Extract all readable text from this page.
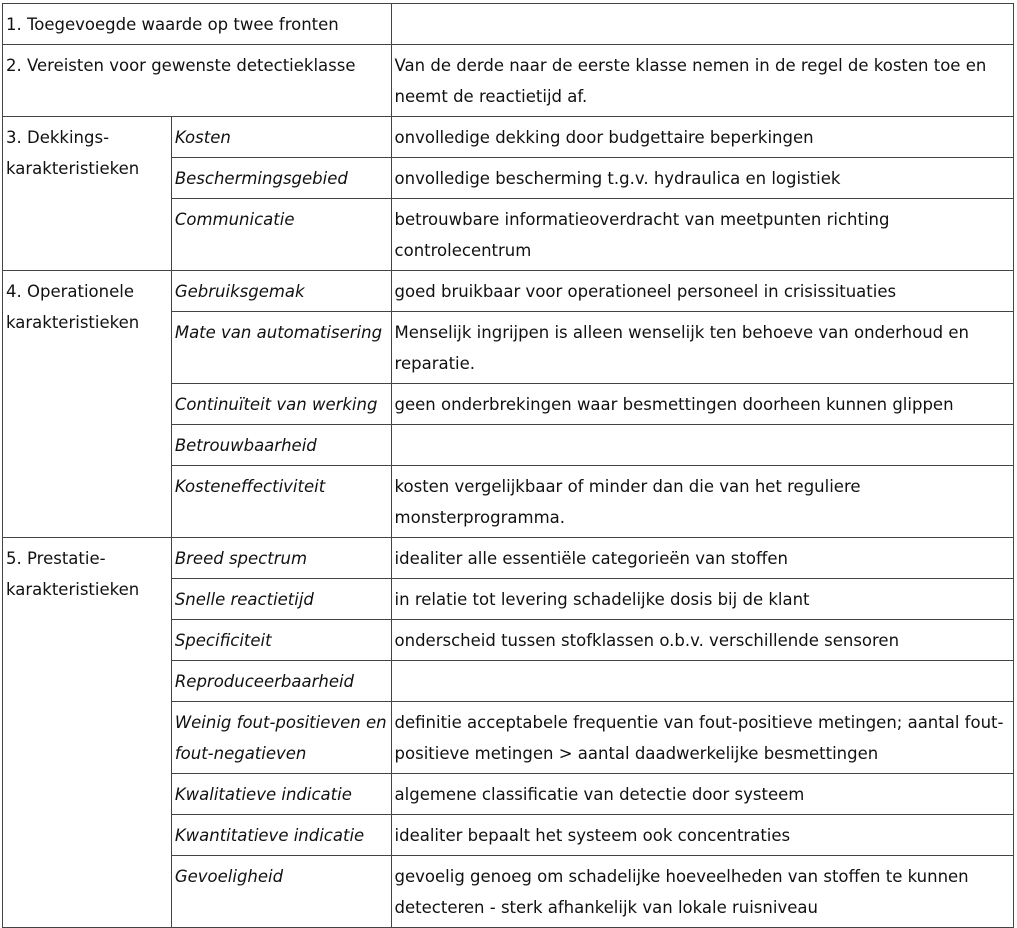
1. Toegevoegde waarde op twee fronten		
2. Vereisten voor gewenste detectieklasse		Van de derde naar de eerste klasse nemen in de regel de kosten toe en neemt de reactietijd af.
3. Dekkings-karakteristieken	Kosten	onvolledige dekking door budgettaire beperkingen
	Beschermingsgebied	onvolledige bescherming t.g.v. hydraulica en logistiek
	Communicatie	betrouwbare informatieoverdracht van meetpunten richting controlecentrum
4. Operationele karakteristieken	Gebruiksgemak	goed bruikbaar voor operationeel personeel in crisissituaties
	Mate van automatisering	Menselijk ingrijpen is alleen wenselijk ten behoeve van onderhoud en reparatie.
	Continuïteit van werking	geen onderbrekingen waar besmettingen doorheen kunnen glippen
	Betrouwbaarheid	
	Kosteneffectiviteit	kosten vergelijkbaar of minder dan die van het reguliere monsterprogramma.
5. Prestatie-karakteristieken	Breed spectrum	idealiter alle essentiële categorieën van stoffen
	Snelle reactietijd	in relatie tot levering schadelijke dosis bij de klant
	Specificiteit	onderscheid tussen stofklassen o.b.v. verschillende sensoren
	Reproduceerbaarheid	
	Weinig fout-positieven en fout-negatieven	definitie acceptabele frequentie van fout-positieve metingen; aantal fout-positieve metingen > aantal daadwerkelijke besmettingen
	Kwalitatieve indicatie	algemene classificatie van detectie door systeem
	Kwantitatieve indicatie	idealiter bepaalt het systeem ook concentraties
	Gevoeligheid	gevoelig genoeg om schadelijke hoeveelheden van stoffen te kunnen detecteren - sterk afhankelijk van lokale ruisniveau
